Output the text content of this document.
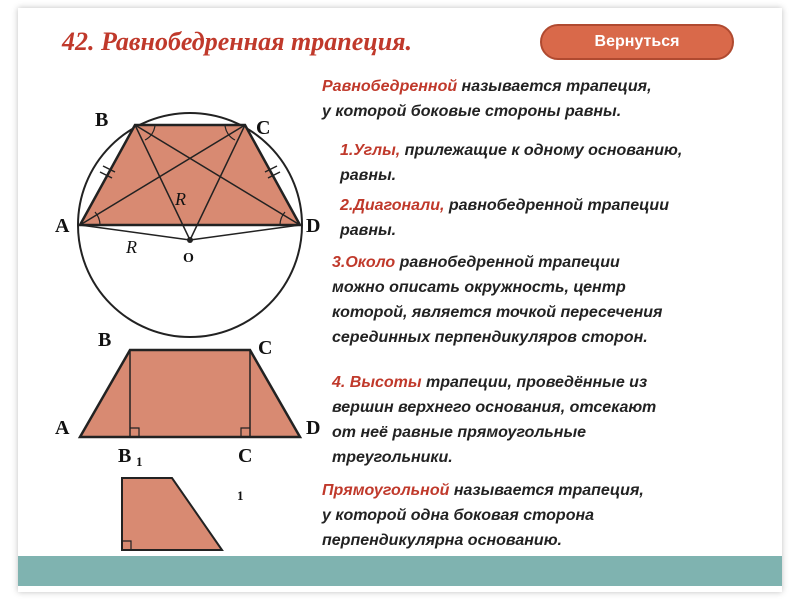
42. Равнобедренная трапеция.	Вернуться
Равнобедренной называется трапеция,
у которой боковые стороны равны.
1.Углы, прилежащие к одному основанию,
равны.
2.Диагонали, равнобедренной трапеции
равны.
3.Около равнобедренной трапеции
можно описать окружность, центр
которой, является точкой пересечения
серединных перпендикуляров сторон.
4. Высоты трапеции, проведённые из
вершин верхнего основания, отсекают
от неё равные прямоугольные
треугольники.
Прямоугольной называется трапеция,
у которой одна боковая сторона
перпендикулярна основанию.
B	C
A	D
O
R
R
B	C
A	D
B 1	C
1
